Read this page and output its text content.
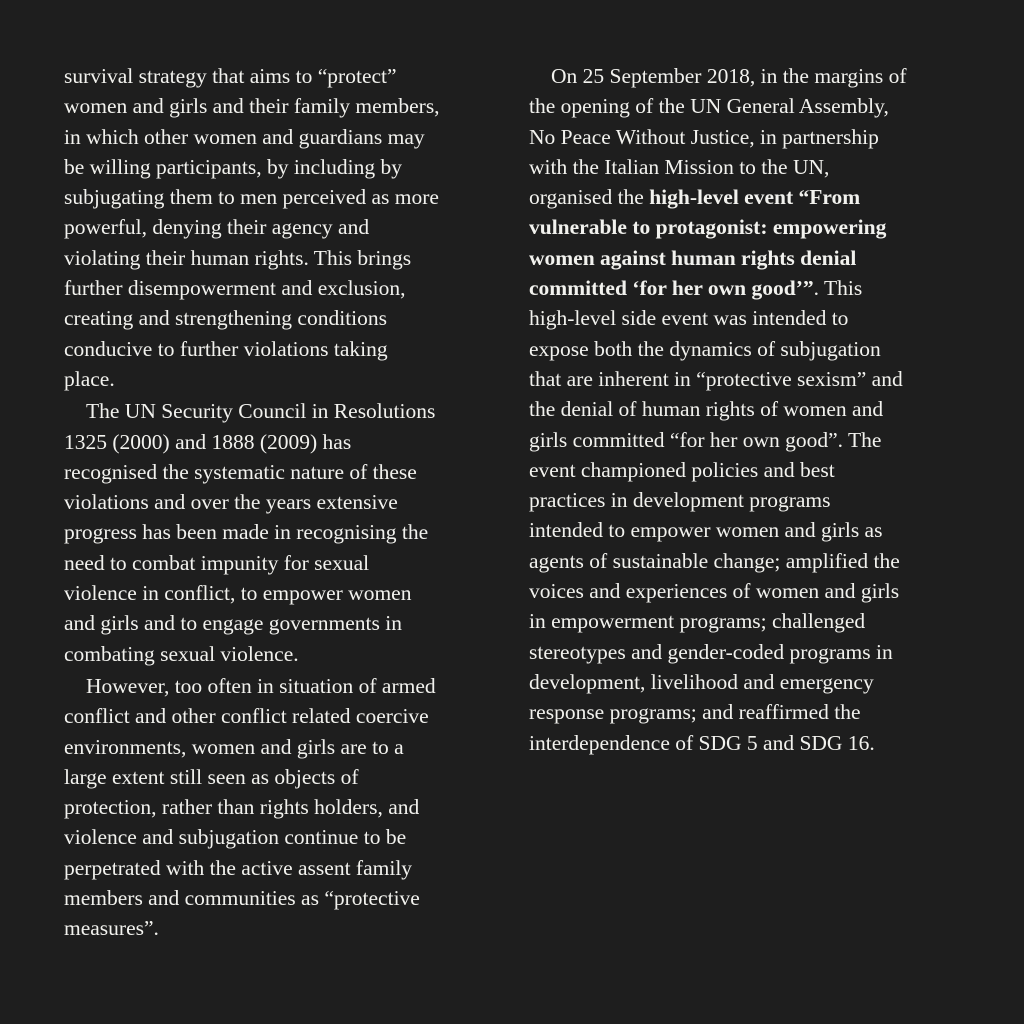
survival strategy that aims to “protect”
women and girls and their family members,
in which other women and guardians may
be willing participants, by including by
subjugating them to men perceived as more
powerful, denying their agency and
violating their human rights. This brings
further disempowerment and exclusion,
creating and strengthening conditions
conducive to further violations taking
place.
The UN Security Council in Resolutions
1325 (2000) and 1888 (2009) has
recognised the systematic nature of these
violations and over the years extensive
progress has been made in recognising the
need to combat impunity for sexual
violence in conflict, to empower women
and girls and to engage governments in
combating sexual violence.
However, too often in situation of armed
conflict and other conflict related coercive
environments, women and girls are to a
large extent still seen as objects of
protection, rather than rights holders, and
violence and subjugation continue to be
perpetrated with the active assent family
members and communities as “protective
measures”.
On 25 September 2018, in the margins of
the opening of the UN General Assembly,
No Peace Without Justice, in partnership
with the Italian Mission to the UN,
organised the high-level event “From
vulnerable to protagonist: empowering
women against human rights denial
committed ‘for her own good’”. This
high-level side event was intended to
expose both the dynamics of subjugation
that are inherent in “protective sexism” and
the denial of human rights of women and
girls committed “for her own good”. The
event championed policies and best
practices in development programs
intended to empower women and girls as
agents of sustainable change; amplified the
voices and experiences of women and girls
in empowerment programs; challenged
stereotypes and gender-coded programs in
development, livelihood and emergency
response programs; and reaffirmed the
interdependence of SDG 5 and SDG 16.
